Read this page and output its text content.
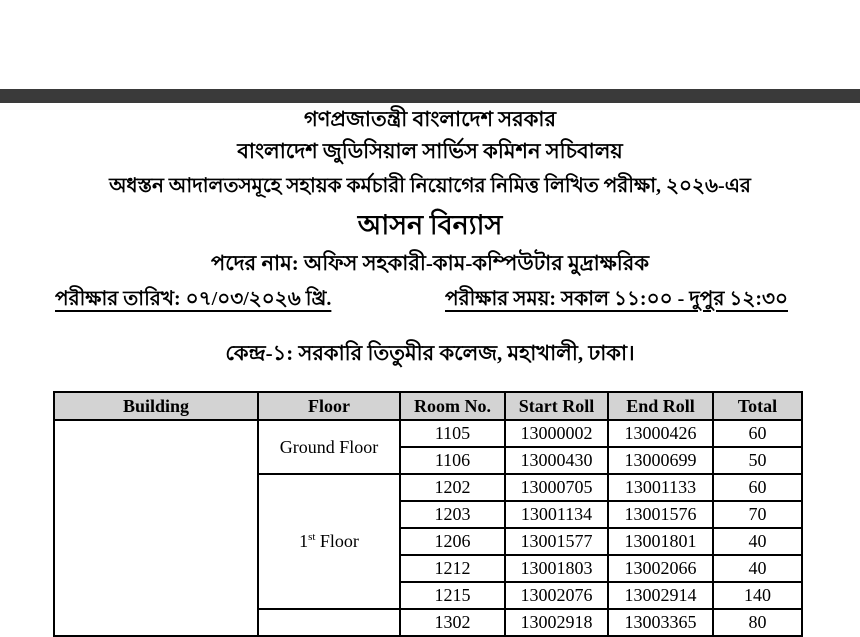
গণপ্রজাতন্ত্রী বাংলাদেশ সরকার
বাংলাদেশ জুডিসিয়াল সার্ভিস কমিশন সচিবালয়
অধস্তন আদালতসমূহে সহায়ক কর্মচারী নিয়োগের নিমিত্ত লিখিত পরীক্ষা, ২০২৬-এর
আসন বিন্যাস
পদের নাম: অফিস সহকারী-কাম-কম্পিউটার মুদ্রাক্ষরিক
পরীক্ষার তারিখ: ০৭/০৩/২০২৬ খ্রি.	পরীক্ষার সময়: সকাল ১১:০০ - দুপুর ১২:৩০
কেন্দ্র-১: সরকারি তিতুমীর কলেজ, মহাখালী, ঢাকা।
Building	Floor	Room No.	Start Roll	End Roll	Total
	Ground Floor	1105	13000002	13000426	60
		1106	13000430	13000699	50
	1st Floor	1202	13000705	13001133	60
		1203	13001134	13001576	70
		1206	13001577	13001801	40
		1212	13001803	13002066	40
		1215	13002076	13002914	140
		1302	13002918	13003365	80
